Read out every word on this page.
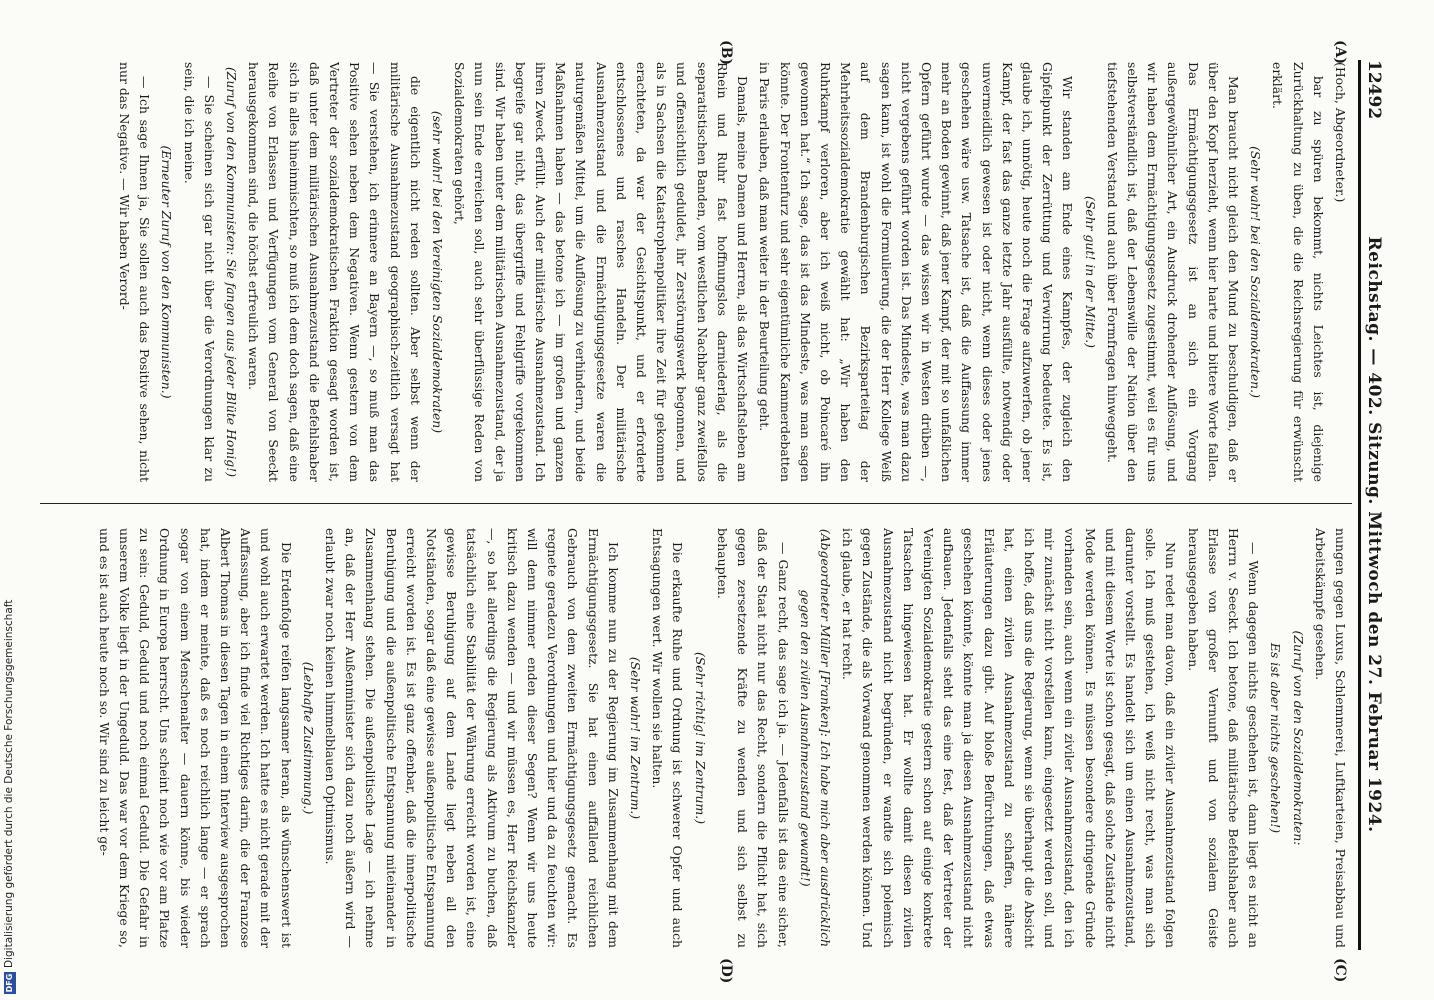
12492
Reichstag. — 402. Sitzung. Mittwoch den 27. Februar 1924.
(A)
(B)
(C)
(D)

(Hoch, Abgeordneter.)

bar zu spüren bekommt, nichts Leichtes ist, diejenige Zurückhaltung zu üben, die die Reichsregierung für erwünscht erklärt.

(Sehr wahr! bei den Sozialdemokraten.)

Man braucht nicht gleich den Mund zu beschuldigen, daß er über den Kopf herzieht, wenn hier harte und bittere Worte fallen. Das Ermächtigungsgesetz ist an sich ein Vorgang außergewöhnlicher Art, ein Ausdruck drohender Auflösung, und wir haben dem Ermächtigungsgesetz zugestimmt, weil es für uns selbstverständlich ist, daß der Lebenswille der Nation über den tiefstehenden Verstand und auch über Formfragen hinweggeht.

(Sehr gut! in der Mitte.)

Wir standen am Ende eines Kampfes, der zugleich den Gipfelpunkt der Zerrüttung und Verwirrung bedeutete. Es ist, glaube ich, unnötig, heute noch die Frage aufzuwerfen, ob jener Kampf, der fast das ganze letzte Jahr ausfüllte, notwendig oder unvermeidlich gewesen ist oder nicht, wenn dieses oder jenes geschehen wäre usw. Tatsache ist, daß die Auffassung immer mehr an Boden gewinnt, daß jener Kampf, der mit so unfaßlichen Opfern geführt wurde — das wissen wir in Westen drüben —, nicht vergebens geführt worden ist. Das Mindeste, was man dazu sagen kann, ist wohl die Formulierung, die der Herr Kollege Weiß auf dem Brandenburgischen Bezirksparteitag der Mehrheitssozialdemokratie gewählt hat: „Wir haben den Ruhrkampf verloren, aber ich weiß nicht, ob Poincaré ihn gewonnen hat.“ Ich sage, das ist das Mindeste, was man sagen könnte. Der Frontenfurz und sehr eigentümliche Kammerdebatten in Paris erlauben, daß man weiter in der Beurteilung geht.

Damals, meine Damen und Herren, als das Wirtschaftsleben am Rhein und Ruhr fast hoffnungslos darniederlag, als die separatistischen Banden, vom westlichen Nachbar ganz zweifellos und offensichtlich geduldet, ihr Zerstörungswerk begonnen, und als in Sachsen die Katastrophenpolitiker ihre Zeit für gekommen erachteten, da war der Gesichtspunkt, und er erforderte entschlossenes und rasches Handeln. Der militärische Ausnahmezustand und die Ermächtigungsgesetze waren die naturgemäßen Mittel, um die Auflösung zu verhindern, und beide Maßnahmen haben — das betone ich — im großen und ganzen ihren Zweck erfüllt. Auch der militärische Ausnahmezustand. Ich begreife gar nicht, das übergriffe und Fehlgriffe vorgekommen sind. Wir haben unter dem militärischen Ausnahmezustand, der ja nun sein Ende erreichen soll, auch sehr überflüssige Reden von Sozialdemokraten gehört,

(sehr wahr! bei den Vereinigten Sozialdemokraten)

die eigentlich nicht reden sollten. Aber selbst wenn der militärische Ausnahmezustand geographisch-zeitlich versagt hat — Sie verstehen, ich erinnere an Bayern —, so muß man das Positive sehen neben dem Negativen. Wenn gestern von dem Vertreter der sozialdemokratischen Fraktion gesagt worden ist, daß unter dem militärischen Ausnahmezustand die Befehlshaber sich in alles hineinmischten, so muß ich dem doch sagen, daß eine Reihe von Erlassen und Verfügungen vom General von Seeckt herausgekommen sind, die höchst erfreulich waren.

(Zuruf von den Kommunisten: Sie fangen aus jeder Blüte Honig!)

— Sie scheinen sich gar nicht über die Verordnungen klar zu sein, die ich meine.

(Erneuter Zuruf von den Kommunisten.)

— Ich sage Ihnen ja, Sie sollen auch das Positive sehen, nicht nur das Negative. — Wir haben Verord-

nungen gegen Luxus, Schlemmerei, Luftkarteien, Preisabbau und Arbeitskämpfe gesehen.

(Zuruf von den Sozialdemokraten:

Es ist aber nichts geschehen!)

— Wenn dagegen nichts geschehen ist, dann liegt es nicht an Herrn v. Seeckt. Ich betone, daß militärische Befehlshaber auch Erlasse von großer Vernunft und von sozialem Geiste herausgegeben haben.

Nun redet man davon, daß ein ziviler Ausnahmezustand folgen solle. Ich muß gestehen, ich weiß nicht recht, was man sich darunter vorstellt. Es handelt sich um einen Ausnahmezustand, und mit diesem Worte ist schon gesagt, daß solche Zustände nicht Mode werden können. Es müssen besondere dringende Gründe vorhanden sein, auch wenn ein ziviler Ausnahmezustand, den ich mir zunächst nicht vorstellen kann, eingesetzt werden soll, und ich hoffe, daß uns die Regierung, wenn sie überhaupt die Absicht hat, einen zivilen Ausnahmezustand zu schaffen, nähere Erläuterungen dazu gibt. Auf bloße Befürchtungen, daß etwas geschehen könnte, könnte man ja diesen Ausnahmezustand nicht aufbauen. Jedenfalls steht das eine fest, daß der Vertreter der Vereinigten Sozialdemokratie gestern schon auf einige konkrete Tatsachen hingewiesen hat. Er wollte damit diesen zivilen Ausnahmezustand nicht begründen, er wandte sich polemisch gegen Zustände, die als Vorwand genommen werden können. Und ich glaube, er hat recht.

(Abgeordneter Müller [Franken]: Ich habe mich aber ausdrücklich gegen den zivilen Ausnahmezustand gewandt!)

— Ganz recht, das sage ich ja. — Jedenfalls ist das eine sicher, daß der Staat nicht nur das Recht, sondern die Pflicht hat, sich gegen zersetzende Kräfte zu wenden und sich selbst zu behaupten.

(Sehr richtig! im Zentrum.)

Die erkaufte Ruhe und Ordnung ist schwerer Opfer und auch Entsagungen wert. Wir wollen sie halten.

(Sehr wahr! im Zentrum.)

Ich komme nun zu der Regierung im Zusammenhang mit dem Ermächtigungsgesetz. Sie hat einen auffallend reichlichen Gebrauch von dem zweiten Ermächtigungsgesetz gemacht. Es regnete geradezu Verordnungen und hier und da zu feuchten wir: will denn nimmer enden dieser Segen? Wenn wir uns heute kritisch dazu wenden — und wir müssen es, Herr Reichskanzler —, so hat allerdings die Regierung als Aktivum zu buchen, daß tatsächlich eine Stabilität der Währung erreicht worden ist, eine gewisse Beruhigung auf dem Lande liegt neben all den Notständen, sogar daß eine gewisse außenpolitische Entspannung erreicht worden ist. Es ist ganz offenbar, daß die innerpolitische Beruhigung und die außenpolitische Entspannung miteinander in Zusammenhang stehen. Die außenpolitische Lage — ich nehme an, daß der Herr Außenminister sich dazu noch äußern wird — erlaubt zwar noch keinen himmelblauen Optimismus.

(Lebhafte Zustimmung.)

Die Erdenfolge reifen langsamer heran, als wünschenswert ist und wohl auch erwartet werden. Ich hatte es nicht gerade mit der Auffassung, aber ich finde viel Richtiges darin, die der Franzose Albert Thomas in diesen Tagen in einem Interview ausgesprochen hat, indem er meinte, daß es noch reichlich lange — er sprach sogar von einem Menschenalter — dauern könne, bis wieder Ordnung in Europa herrscht. Uns scheint noch wie vor am Platze zu sein: Geduld, Geduld und noch einmal Geduld. Die Gefahr in unserem Volke liegt in der Ungeduld. Das war vor dem Kriege so, und es ist auch heute noch so. Wir sind zu leicht ge-

DFG
Digitalisierung gefördert durch die Deutsche Forschungsgemeinschaft
